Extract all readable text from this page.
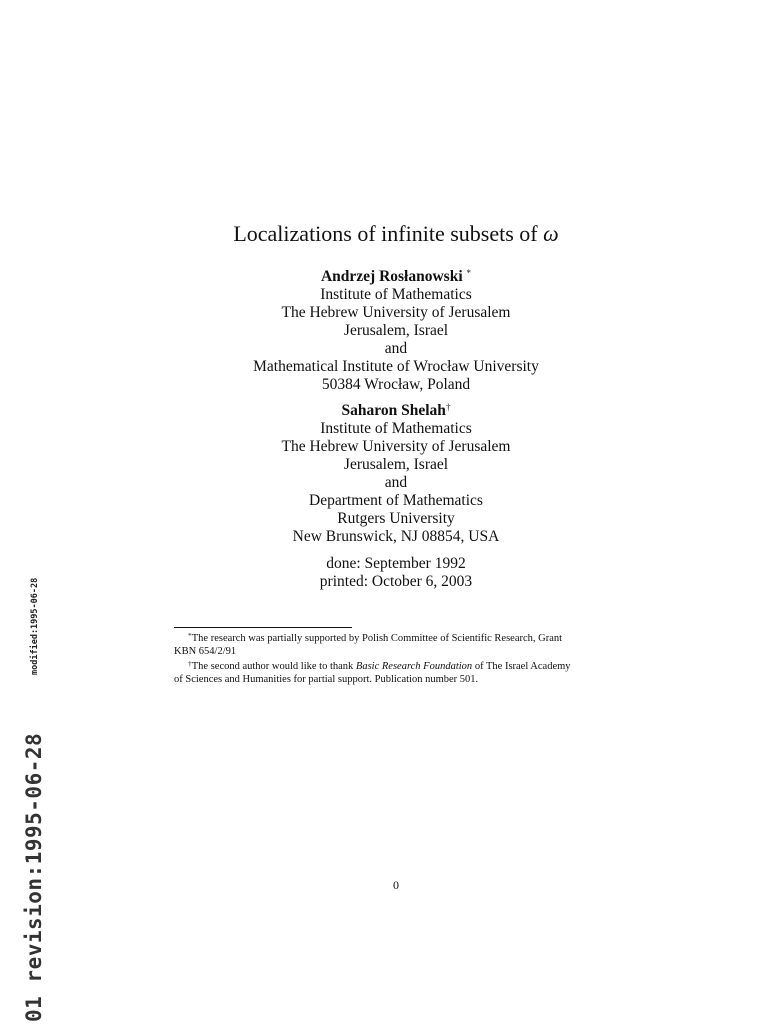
Localizations of infinite subsets of ω
Andrzej Rosłanowski *
Institute of Mathematics
The Hebrew University of Jerusalem
Jerusalem, Israel
and
Mathematical Institute of Wrocław University
50384 Wrocław, Poland
Saharon Shelah†
Institute of Mathematics
The Hebrew University of Jerusalem
Jerusalem, Israel
and
Department of Mathematics
Rutgers University
New Brunswick, NJ 08854, USA
done: September 1992
printed: October 6, 2003
*The research was partially supported by Polish Committee of Scientific Research, Grant
KBN 654/2/91
†The second author would like to thank Basic Research Foundation of The Israel Academy
of Sciences and Humanities for partial support. Publication number 501.
0
modified:1995-06-28
01 revision:1995-06-28
